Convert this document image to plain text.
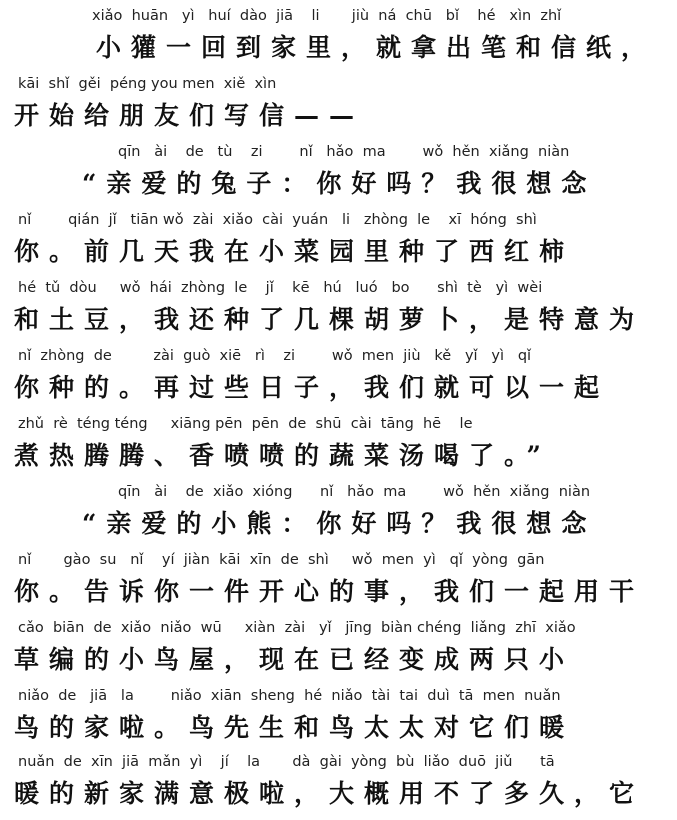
xiǎo  huān   yì   huí  dào  jiā    li       jiù  ná  chū   bǐ    hé   xìn  zhǐ
小獾一回到家里，就拿出笔和信纸，
kāi  shǐ  gěi  péng you men  xiě  xìn
开始给朋友们写信——
qīn   ài    de   tù    zi        nǐ   hǎo  ma        wǒ  hěn  xiǎng  niàn
“亲爱的兔子：你好吗？我很想念
nǐ        qián  jǐ   tiān wǒ  zài  xiǎo  cài  yuán   li   zhòng  le    xī  hóng  shì
你。前几天我在小菜园里种了西红柿
hé  tǔ  dòu     wǒ  hái  zhòng  le    jǐ    kē   hú   luó   bo      shì  tè   yì  wèi
和土豆，我还种了几棵胡萝卜，是特意为
nǐ  zhòng  de         zài  guò  xiē   rì    zi        wǒ  men  jiù   kě   yǐ   yì   qǐ
你种的。再过些日子，我们就可以一起
zhǔ  rè  téng téng     xiāng pēn  pēn  de  shū  cài  tāng  hē    le
煮热腾腾、香喷喷的蔬菜汤喝了。”
qīn   ài    de  xiǎo  xióng      nǐ   hǎo  ma        wǒ  hěn  xiǎng  niàn
“亲爱的小熊：你好吗？我很想念
nǐ       gào  su   nǐ    yí  jiàn  kāi  xīn  de  shì     wǒ  men  yì   qǐ  yòng  gān
你。告诉你一件开心的事，我们一起用干
cǎo  biān  de  xiǎo  niǎo  wū     xiàn  zài   yǐ   jīng  biàn chéng  liǎng  zhī  xiǎo
草编的小鸟屋，现在已经变成两只小
niǎo  de   jiā   la        niǎo  xiān  sheng  hé  niǎo  tài  tai  duì  tā  men  nuǎn
鸟的家啦。鸟先生和鸟太太对它们暖
nuǎn  de  xīn  jiā  mǎn  yì    jí    la       dà  gài  yòng  bù  liǎo  duō  jiǔ      tā
暖的新家满意极啦，大概用不了多久，它
